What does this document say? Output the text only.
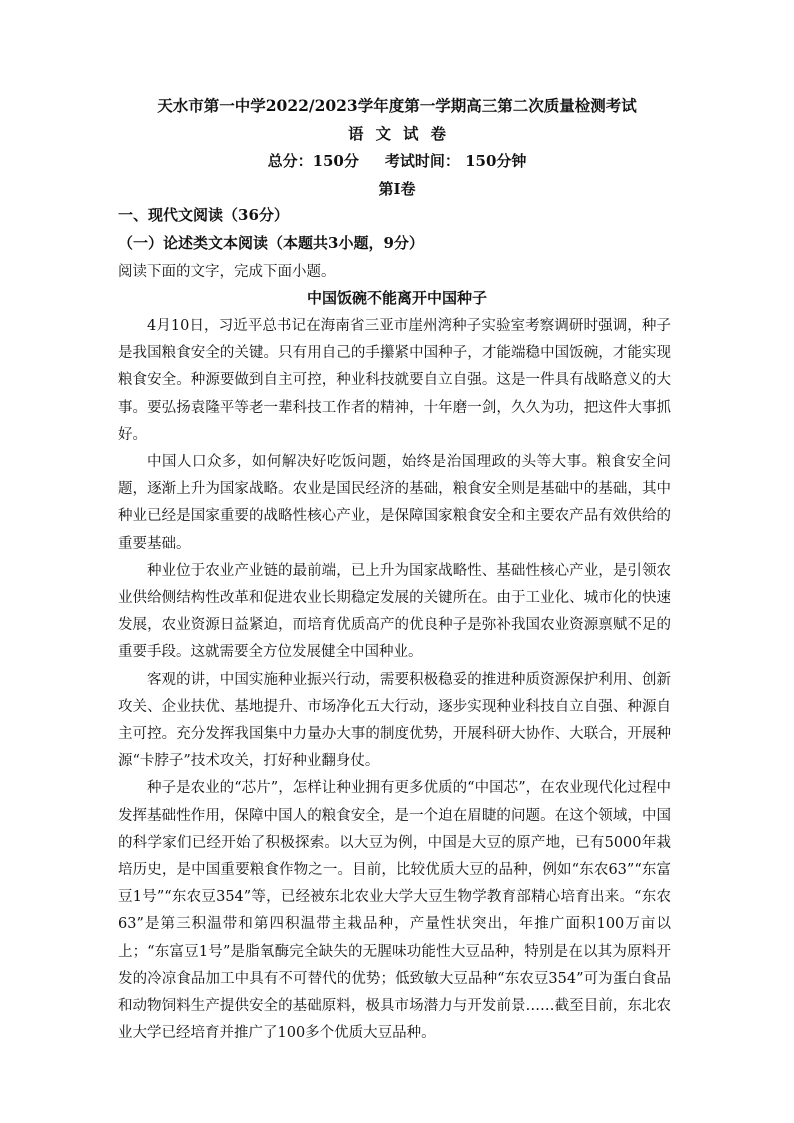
天水市第一中学2022/2023学年度第一学期高三第二次质量检测考试
语文试卷
总分：150分 考试时间： 150分钟
第Ⅰ卷
一、现代文阅读（36分）
（一）论述类文本阅读（本题共3小题，9分）
阅读下面的文字，完成下面小题。
中国饭碗不能离开中国种子

4月10日，习近平总书记在海南省三亚市崖州湾种子实验室考察调研时强调，种子是我国粮食安全的关键。只有用自己的手攥紧中国种子，才能端稳中国饭碗，才能实现粮食安全。种源要做到自主可控，种业科技就要自立自强。这是一件具有战略意义的大事。要弘扬袁隆平等老一辈科技工作者的精神，十年磨一剑，久久为功，把这件大事抓好。

中国人口众多，如何解决好吃饭问题，始终是治国理政的头等大事。粮食安全问题，逐渐上升为国家战略。农业是国民经济的基础，粮食安全则是基础中的基础，其中种业已经是国家重要的战略性核心产业，是保障国家粮食安全和主要农产品有效供给的重要基础。

种业位于农业产业链的最前端，已上升为国家战略性、基础性核心产业，是引领农业供给侧结构性改革和促进农业长期稳定发展的关键所在。由于工业化、城市化的快速发展，农业资源日益紧迫，而培育优质高产的优良种子是弥补我国农业资源禀赋不足的重要手段。这就需要全方位发展健全中国种业。

客观的讲，中国实施种业振兴行动，需要积极稳妥的推进种质资源保护利用、创新攻关、企业扶优、基地提升、市场净化五大行动，逐步实现种业科技自立自强、种源自主可控。充分发挥我国集中力量办大事的制度优势，开展科研大协作、大联合，开展种源“卡脖子”技术攻关，打好种业翻身仗。

种子是农业的“芯片”，怎样让种业拥有更多优质的“中国芯”，在农业现代化过程中发挥基础性作用，保障中国人的粮食安全，是一个迫在眉睫的问题。在这个领域，中国的科学家们已经开始了积极探索。以大豆为例，中国是大豆的原产地，已有5000年栽培历史，是中国重要粮食作物之一。目前，比较优质大豆的品种，例如“东农63”“东富豆1号”“东农豆354”等，已经被东北农业大学大豆生物学教育部精心培育出来。“东农63”是第三积温带和第四积温带主栽品种，产量性状突出，年推广面积100万亩以上；“东富豆1号”是脂氧酶完全缺失的无腥味功能性大豆品种，特别是在以其为原料开发的冷凉食品加工中具有不可替代的优势；低致敏大豆品种“东农豆354”可为蛋白食品和动物饲料生产提供安全的基础原料，极具市场潜力与开发前景……截至目前，东北农业大学已经培育并推广了100多个优质大豆品种。
